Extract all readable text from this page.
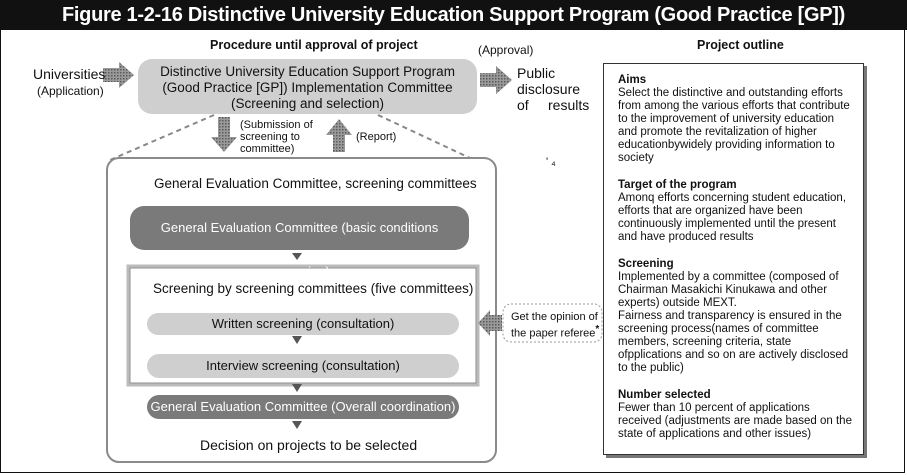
Figure 1-2-16 Distinctive University Education Support Program (Good Practice [GP])
Procedure until approval of project	Project outline
Universities
(Application)
Distinctive University Education Support Program
(Good Practice [GP]) Implementation Committee
(Screening and selection)
(Approval)
Public
disclosure
of results
(Submission of
screening to
committee)
(Report)
' ₄
General Evaluation Committee, screening committees
General Evaluation Committee (basic conditions screening)
Screening by screening committees (five committees)
Written screening (consultation)
Interview screening (consultation)
General Evaluation Committee (Overall coordination)
Decision on projects to be selected
Get the opinion of
the paper referee*
Aims
Select the distinctive and outstanding efforts from among the various efforts that contribute to the improvement of university education and promote the revitalization of higher educationbywidely providing information to society
Target of the program
Amonq efforts concerning student education, efforts that are organized have been continuously implemented until the present and have produced results
Screening
Implemented by a committee (composed of Chairman Masakichi Kinukawa and other experts) outside MEXT.
Fairness and transparency is ensured in the screening process(names of committee members, screening criteria, state ofpplications and so on are actively disclosed to the public)
Number selected
Fewer than 10 percent of applications received (adjustments are made based on the state of applications and other issues)
